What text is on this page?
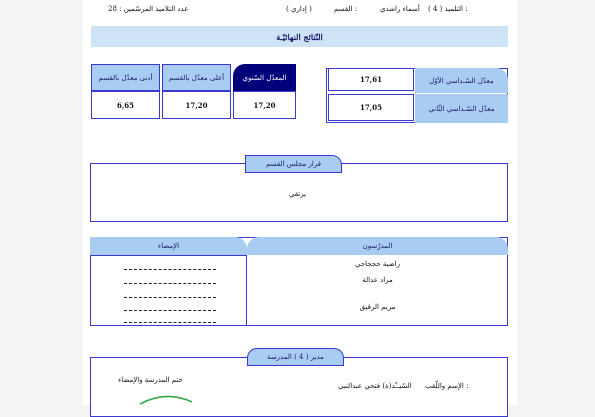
التلميذ ( 4 ) :
أسماء راشدي
القسم :
( إداري )
عدد التلاميذ المرسّمين : 28
النّتائج النهائيّـة
معدّل السّـداسي الأوّل
17,61
معدّل السّـداسي الثّاني
17,05
المعدّل السّنوي
17,20
أعلى معدّل بالقسم
17,20
أدنى معدّل بالقسم
6,65
قرار مجلس القسم
يرتقي
المدرّسون
الإمضاء
راضية حججاجي
مراد عدالة
مريم الرقيق
مدير ( 4 ) المدرسة
الإسم واللّقب :
السّيــّد(ة) فتحي عبدالنبي
ختم المدرسة والإمضاء
